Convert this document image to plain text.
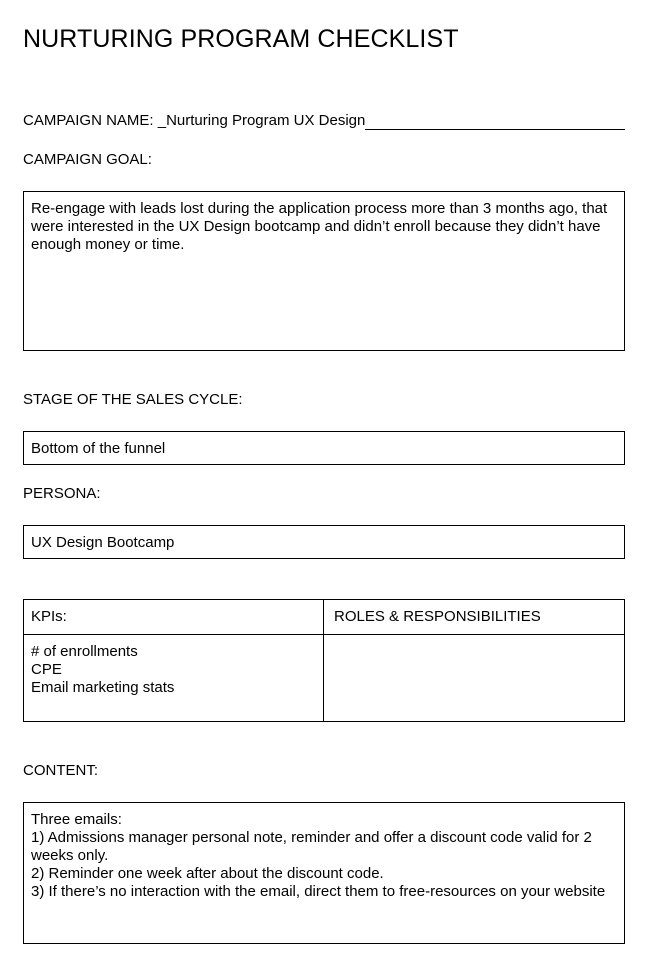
NURTURING PROGRAM CHECKLIST
CAMPAIGN NAME: _ Nurturing Program UX Design
CAMPAIGN GOAL:
Re-engage with leads lost during the application process more than 3 months ago, that were interested in the UX Design bootcamp and didn’t enroll because they didn’t have enough money or time.
STAGE OF THE SALES CYCLE:
Bottom of the funnel
PERSONA:
UX Design Bootcamp
KPIs:	ROLES & RESPONSIBILITIES
# of enrollments
CPE
Email marketing stats
CONTENT:
Three emails:
1) Admissions manager personal note, reminder and offer a discount code valid for 2 weeks only.
2) Reminder one week after about the discount code.
3) If there’s no interaction with the email, direct them to free-resources on your website
